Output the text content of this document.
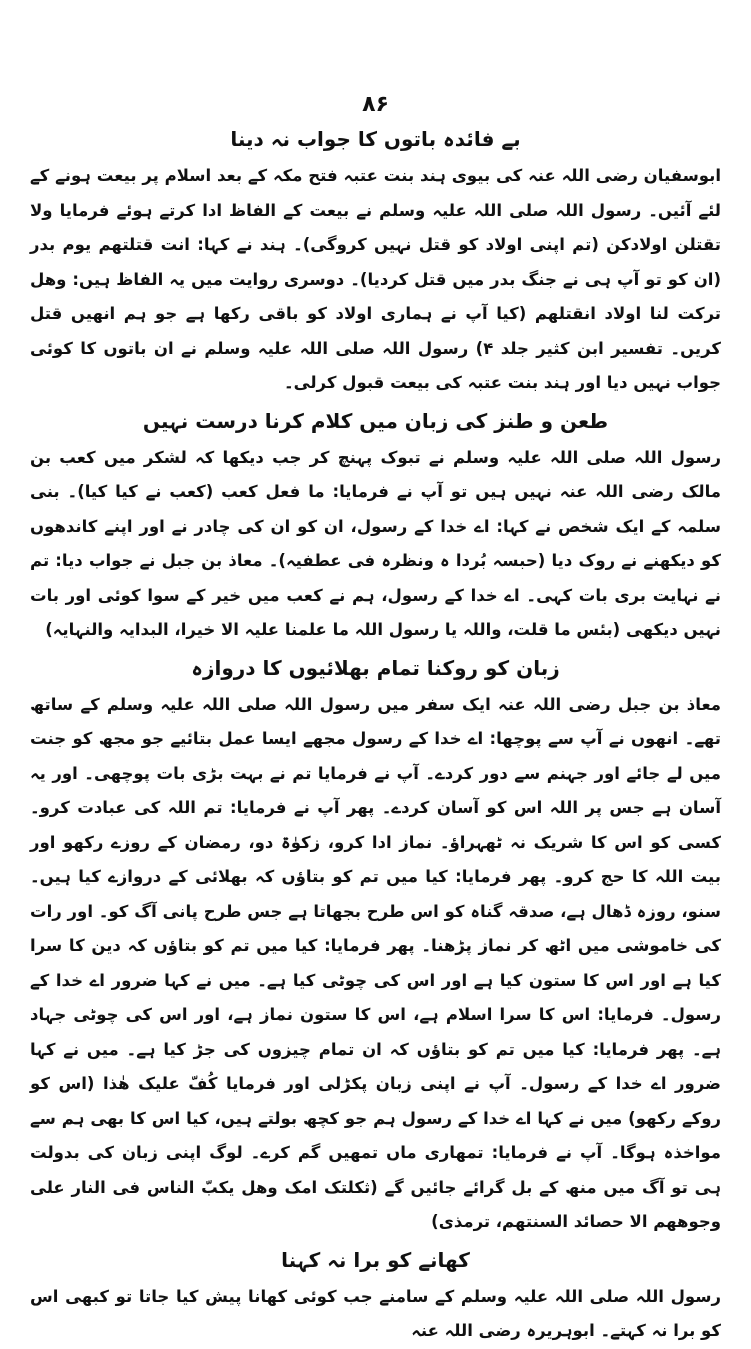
۸۶
بے فائدہ باتوں کا جواب نہ دینا

ابوسفیان رضی اللہ عنہ کی بیوی ہند بنت عتبہ فتح مکہ کے بعد اسلام پر بیعت ہونے کے لئے آئیں۔ رسول اللہ صلی اللہ علیہ وسلم نے بیعت کے الفاظ ادا کرتے ہوئے فرمایا ولا تقتلن اولادکن (تم اپنی اولاد کو قتل نہیں کروگی)۔ ہند نے کہا: انت قتلتھم یوم بدر (ان کو تو آپ ہی نے جنگ بدر میں قتل کردیا)۔ دوسری روایت میں یہ الفاظ ہیں: وھل ترکت لنا اولاد انقتلھم (کیا آپ نے ہماری اولاد کو باقی رکھا ہے جو ہم انھیں قتل کریں۔ تفسیر ابن کثیر جلد ۴) رسول اللہ صلی اللہ علیہ وسلم نے ان باتوں کا کوئی جواب نہیں دیا اور ہند بنت عتبہ کی بیعت قبول کرلی۔

طعن و طنز کی زبان میں کلام کرنا درست نہیں

رسول اللہ صلی اللہ علیہ وسلم نے تبوک پہنچ کر جب دیکھا کہ لشکر میں کعب بن مالک رضی اللہ عنہ نہیں ہیں تو آپ نے فرمایا: ما فعل کعب (کعب نے کیا کیا)۔ بنی سلمہ کے ایک شخص نے کہا: اے خدا کے رسول، ان کو ان کی چادر نے اور اپنے کاندھوں کو دیکھنے نے روک دیا (حبسہ بُردا ہ ونظرہ فی عطفیہ)۔ معاذ بن جبل نے جواب دیا: تم نے نہایت بری بات کہی۔ اے خدا کے رسول، ہم نے کعب میں خیر کے سوا کوئی اور بات نہیں دیکھی (بئس ما قلت، واللہ یا رسول اللہ ما علمنا علیہ الا خیرا، البدایہ والنہایہ)

زبان کو روکنا تمام بھلائیوں کا دروازہ

معاذ بن جبل رضی اللہ عنہ ایک سفر میں رسول اللہ صلی اللہ علیہ وسلم کے ساتھ تھے۔ انھوں نے آپ سے پوچھا: اے خدا کے رسول مجھے ایسا عمل بتائیے جو مجھ کو جنت میں لے جائے اور جہنم سے دور کردے۔ آپ نے فرمایا تم نے بہت بڑی بات پوچھی۔ اور یہ آسان ہے جس پر اللہ اس کو آسان کردے۔ پھر آپ نے فرمایا: تم اللہ کی عبادت کرو۔ کسی کو اس کا شریک نہ ٹھہراؤ۔ نماز ادا کرو، زکوٰۃ دو، رمضان کے روزے رکھو اور بیت اللہ کا حج کرو۔ پھر فرمایا: کیا میں تم کو بتاؤں کہ بھلائی کے دروازے کیا ہیں۔ سنو، روزہ ڈھال ہے، صدقہ گناہ کو اس طرح بجھاتا ہے جس طرح پانی آگ کو۔ اور رات کی خاموشی میں اٹھ کر نماز پڑھنا۔ پھر فرمایا: کیا میں تم کو بتاؤں کہ دین کا سرا کیا ہے اور اس کا ستون کیا ہے اور اس کی چوٹی کیا ہے۔ میں نے کہا ضرور اے خدا کے رسول۔ فرمایا: اس کا سرا اسلام ہے، اس کا ستون نماز ہے، اور اس کی چوٹی جہاد ہے۔ پھر فرمایا: کیا میں تم کو بتاؤں کہ ان تمام چیزوں کی جڑ کیا ہے۔ میں نے کہا ضرور اے خدا کے رسول۔ آپ نے اپنی زبان پکڑلی اور فرمایا کُفّ علیک ھٰذا (اس کو روکے رکھو) میں نے کہا اے خدا کے رسول ہم جو کچھ بولتے ہیں، کیا اس کا بھی ہم سے مواخذہ ہوگا۔ آپ نے فرمایا: تمھاری ماں تمھیں گم کرے۔ لوگ اپنی زبان کی بدولت ہی تو آگ میں منھ کے بل گرائے جائیں گے (ثکلتک امک وھل یکبّ الناس فی النار علی وجوھھم الا حصائد السنتھم، ترمذی)

کھانے کو برا نہ کہنا

رسول اللہ صلی اللہ علیہ وسلم کے سامنے جب کوئی کھانا پیش کیا جاتا تو کبھی اس کو برا نہ کہتے۔ ابوہریرہ رضی اللہ عنہ
